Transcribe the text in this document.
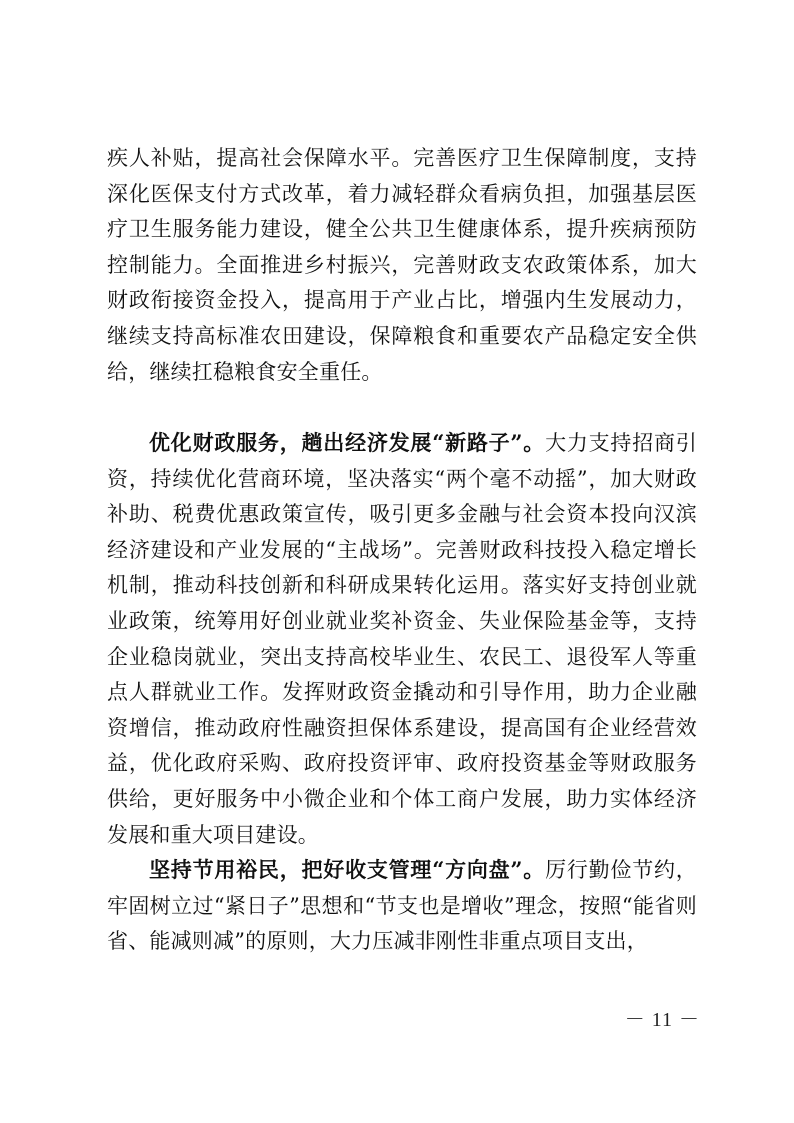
疾人补贴，提高社会保障水平。完善医疗卫生保障制度，支持深化医保支付方式改革，着力减轻群众看病负担，加强基层医疗卫生服务能力建设，健全公共卫生健康体系，提升疾病预防控制能力。全面推进乡村振兴，完善财政支农政策体系，加大财政衔接资金投入，提高用于产业占比，增强内生发展动力，继续支持高标准农田建设，保障粮食和重要农产品稳定安全供给，继续扛稳粮食安全重任。

优化财政服务，趟出经济发展“新路子”。大力支持招商引资，持续优化营商环境，坚决落实“两个毫不动摇”，加大财政补助、税费优惠政策宣传，吸引更多金融与社会资本投向汉滨经济建设和产业发展的“主战场”。完善财政科技投入稳定增长机制，推动科技创新和科研成果转化运用。落实好支持创业就业政策，统筹用好创业就业奖补资金、失业保险基金等，支持企业稳岗就业，突出支持高校毕业生、农民工、退役军人等重点人群就业工作。发挥财政资金撬动和引导作用，助力企业融资增信，推动政府性融资担保体系建设，提高国有企业经营效益，优化政府采购、政府投资评审、政府投资基金等财政服务供给，更好服务中小微企业和个体工商户发展，助力实体经济发展和重大项目建设。

坚持节用裕民，把好收支管理“方向盘”。厉行勤俭节约，牢固树立过“紧日子”思想和“节支也是增收”理念，按照“能省则省、能减则减”的原则，大力压减非刚性非重点项目支出，

－ 11 －
